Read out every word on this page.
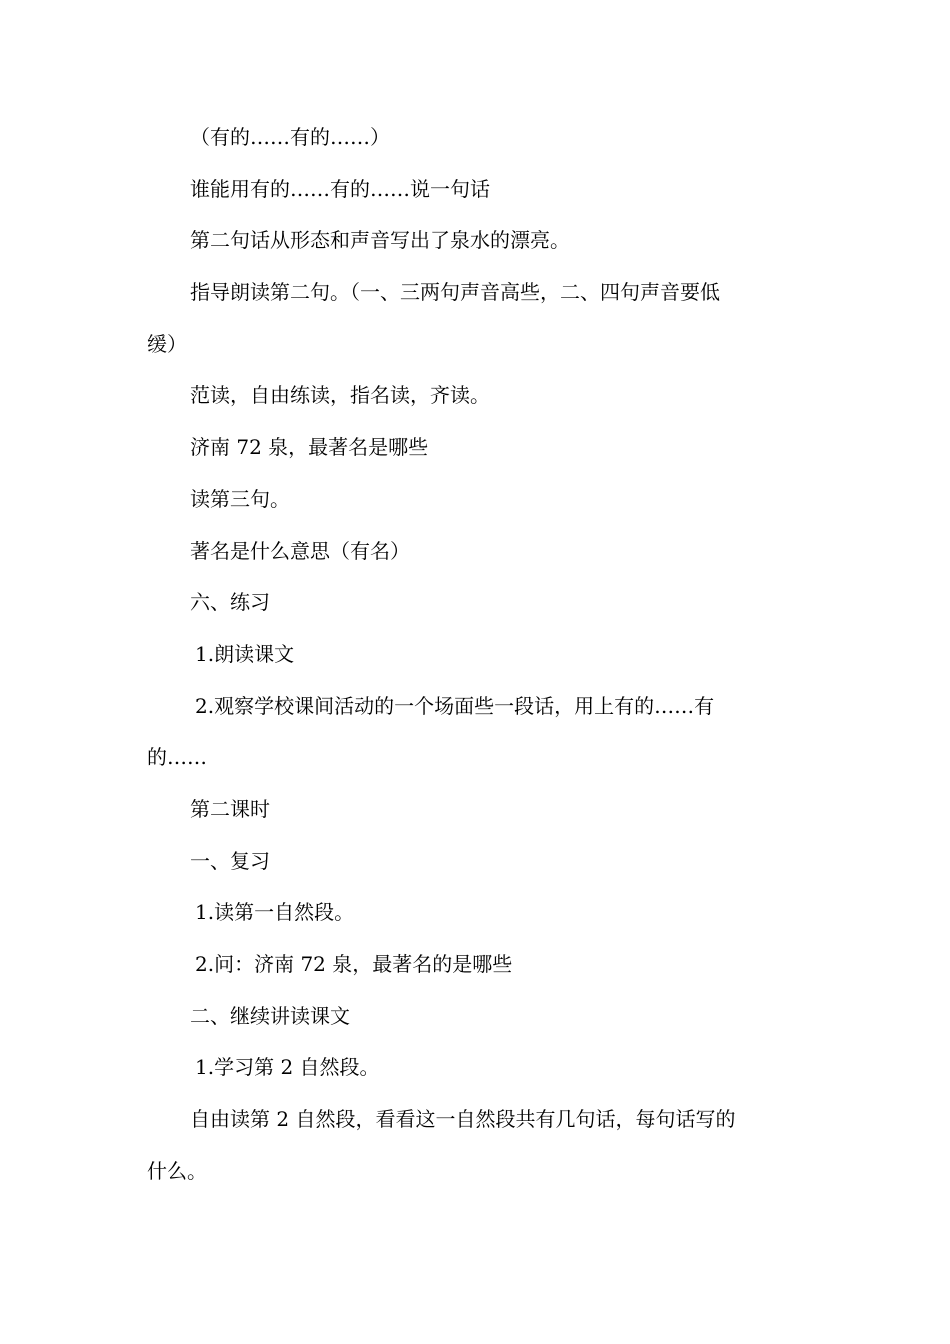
（有的……有的……）

谁能用有的……有的……说一句话

第二句话从形态和声音写出了泉水的漂亮。

指导朗读第二句。（一、三两句声音高些，二、四句声音要低

缓）

范读，自由练读，指名读，齐读。

济南 72 泉，最著名是哪些

读第三句。

著名是什么意思（有名）

六、练习

1.朗读课文

2.观察学校课间活动的一个场面些一段话，用上有的……有

的……

第二课时

一、复习

1.读第一自然段。

2.问：济南 72 泉，最著名的是哪些

二、继续讲读课文

1.学习第 2 自然段。

自由读第 2 自然段，看看这一自然段共有几句话，每句话写的

什么。
